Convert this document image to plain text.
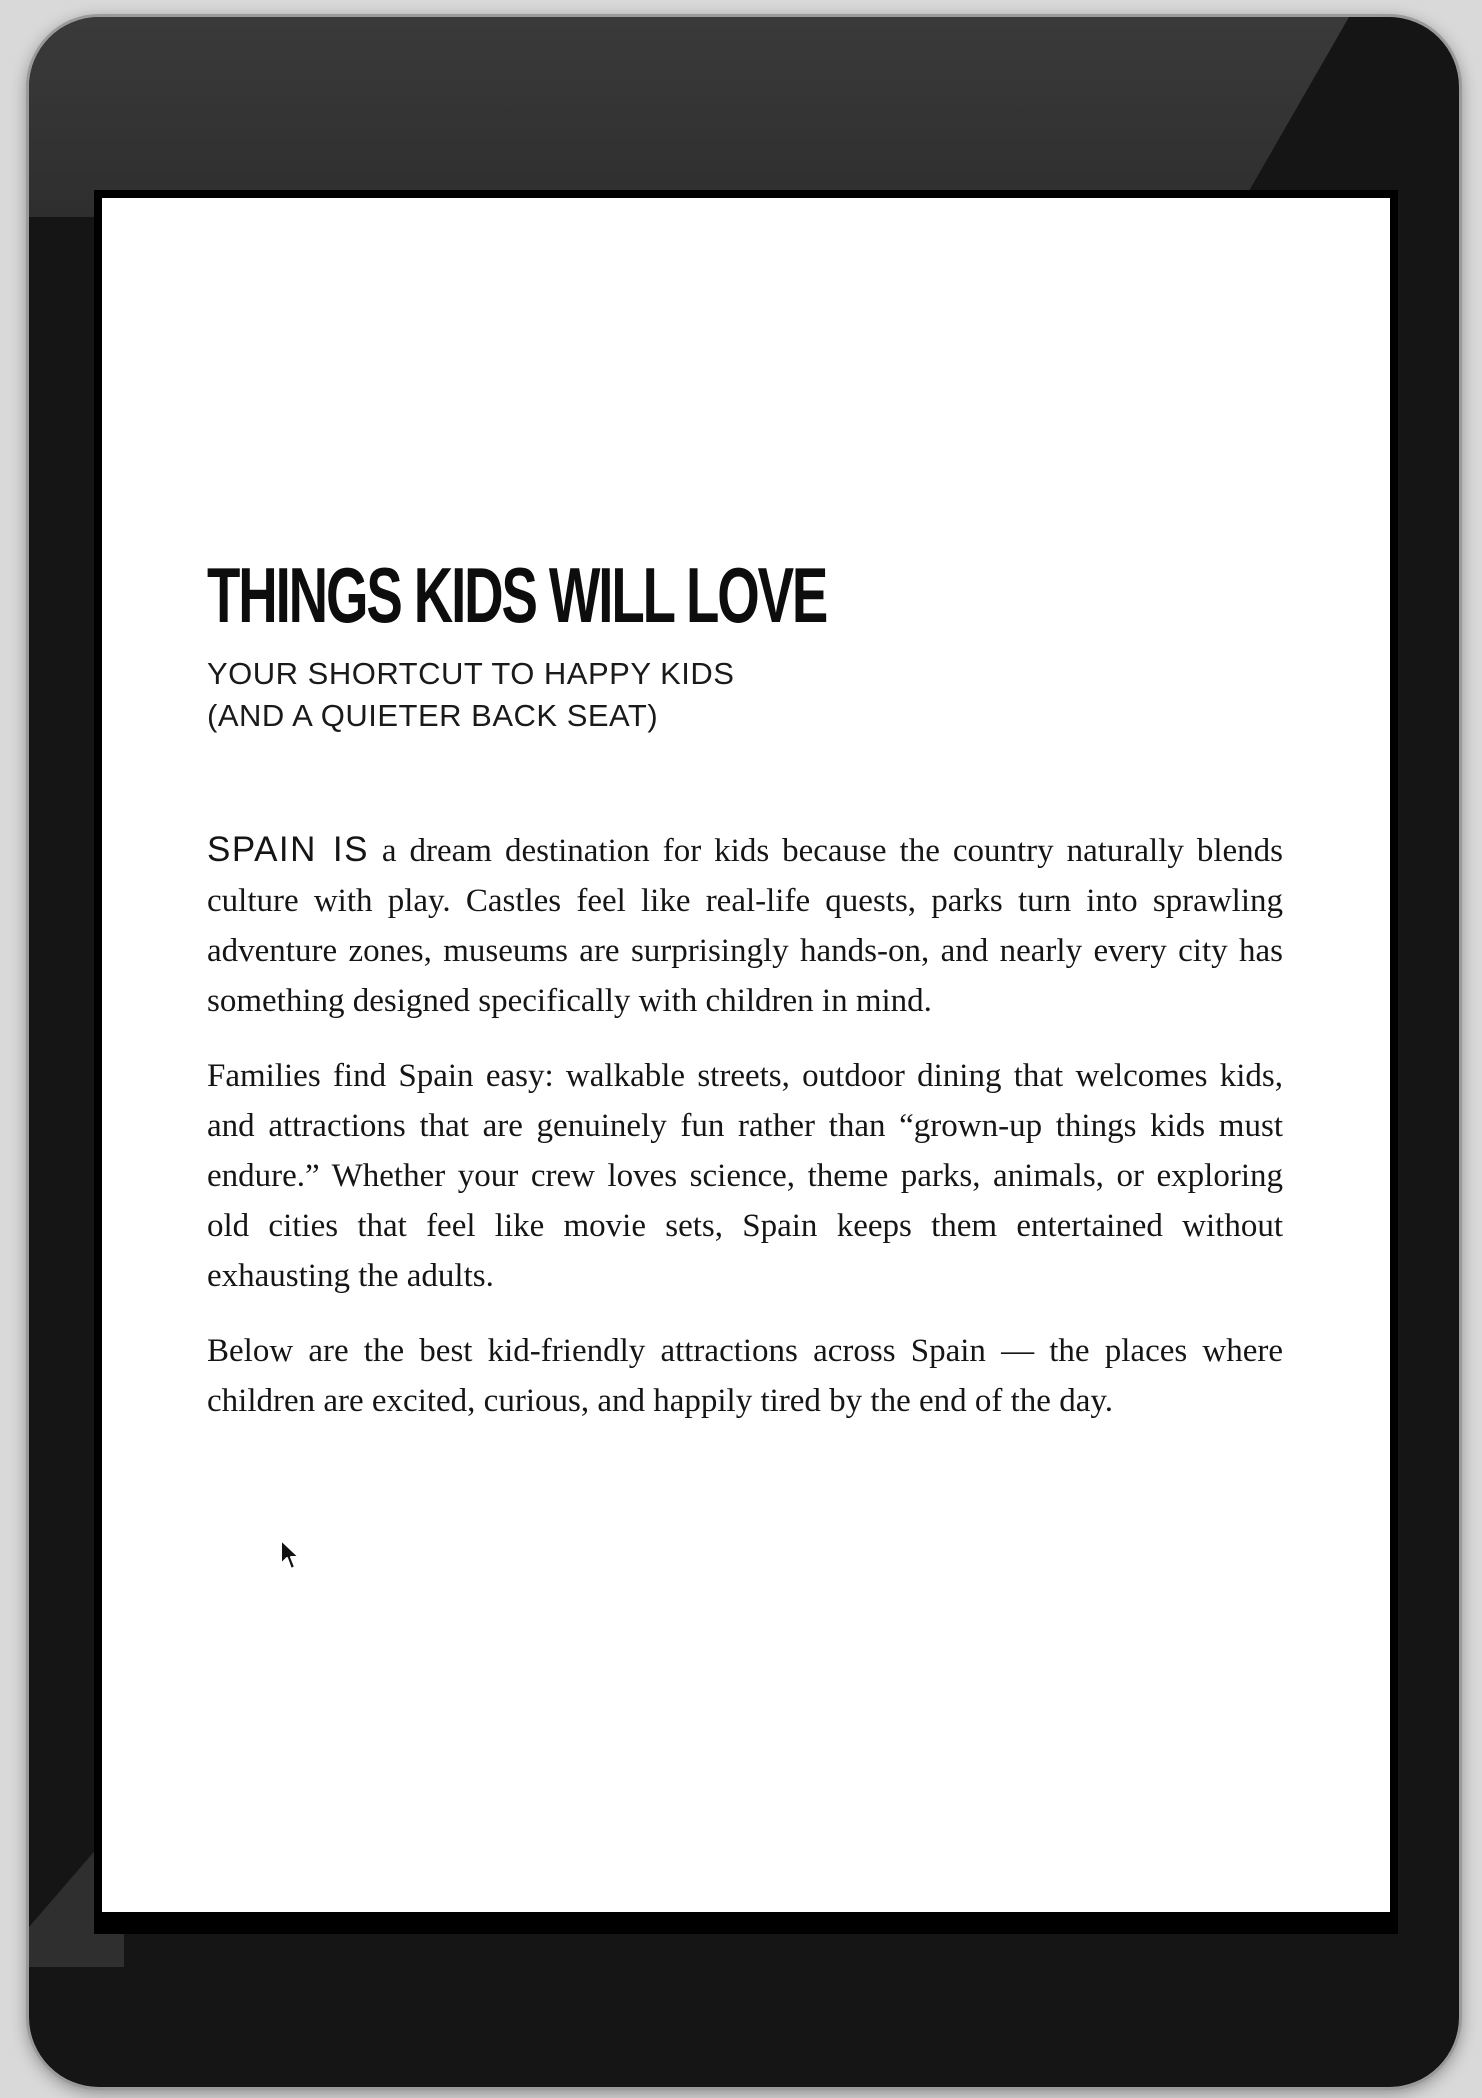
THINGS KIDS WILL LOVE
YOUR SHORTCUT TO HAPPY KIDS
(AND A QUIETER BACK SEAT)

SPAIN IS a dream destination for kids because the country naturally blends culture with play. Castles feel like real-life quests, parks turn into sprawling adventure zones, museums are surprisingly hands-on, and nearly every city has something designed specifically with children in mind.

Families find Spain easy: walkable streets, outdoor dining that welcomes kids, and attractions that are genuinely fun rather than “grown-up things kids must endure.” Whether your crew loves science, theme parks, animals, or exploring old cities that feel like movie sets, Spain keeps them entertained without exhausting the adults.

Below are the best kid-friendly attractions across Spain — the places where children are excited, curious, and happily tired by the end of the day.
